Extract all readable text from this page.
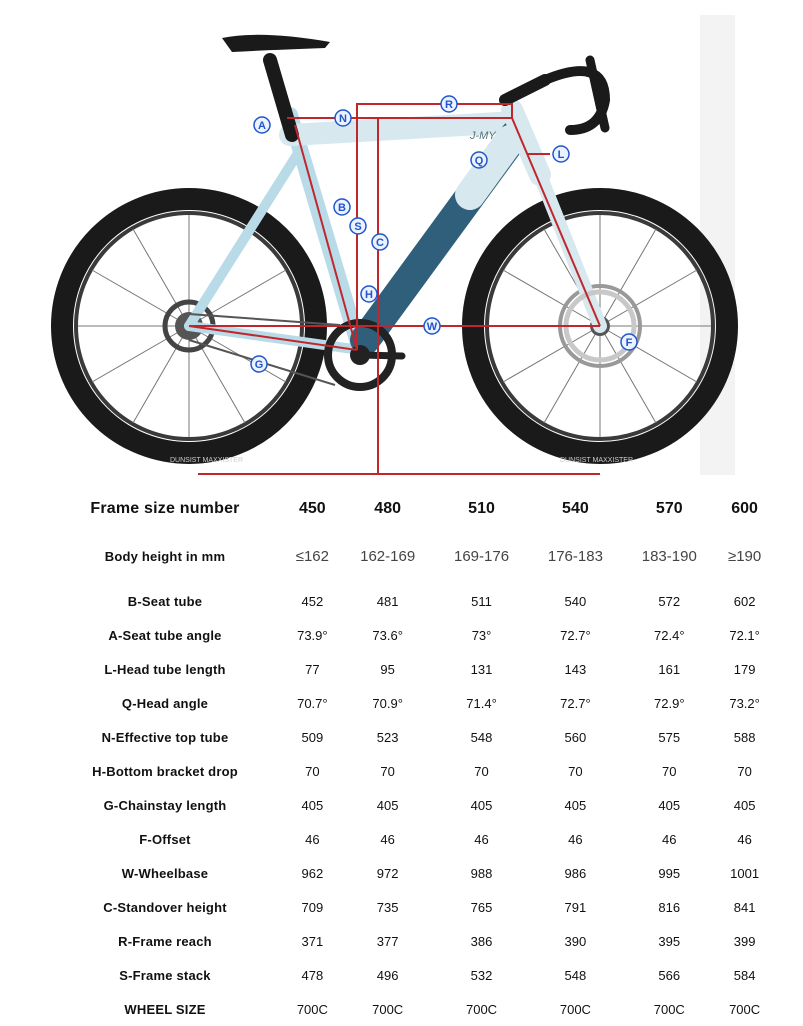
J-MY
DUNSIST MAXXISTER	DUNSIST MAXXISTER
A
N
R
Q	L
B
S
C
H
W
G
F
Frame size number	450	480	510	540	570	600
Body height in mm	≤162	162-169	169-176	176-183	183-190	≥190
B-Seat tube	452	481	511	540	572	602
A-Seat tube angle	73.9°	73.6°	73°	72.7°	72.4°	72.1°
L-Head tube length	77	95	131	143	161	179
Q-Head angle	70.7°	70.9°	71.4°	72.7°	72.9°	73.2°
N-Effective top tube	509	523	548	560	575	588
H-Bottom bracket drop	70	70	70	70	70	70
G-Chainstay length	405	405	405	405	405	405
F-Offset	46	46	46	46	46	46
W-Wheelbase	962	972	988	986	995	1001
C-Standover height	709	735	765	791	816	841
R-Frame reach	371	377	386	390	395	399
S-Frame stack	478	496	532	548	566	584
WHEEL SIZE	700C	700C	700C	700C	700C	700C
